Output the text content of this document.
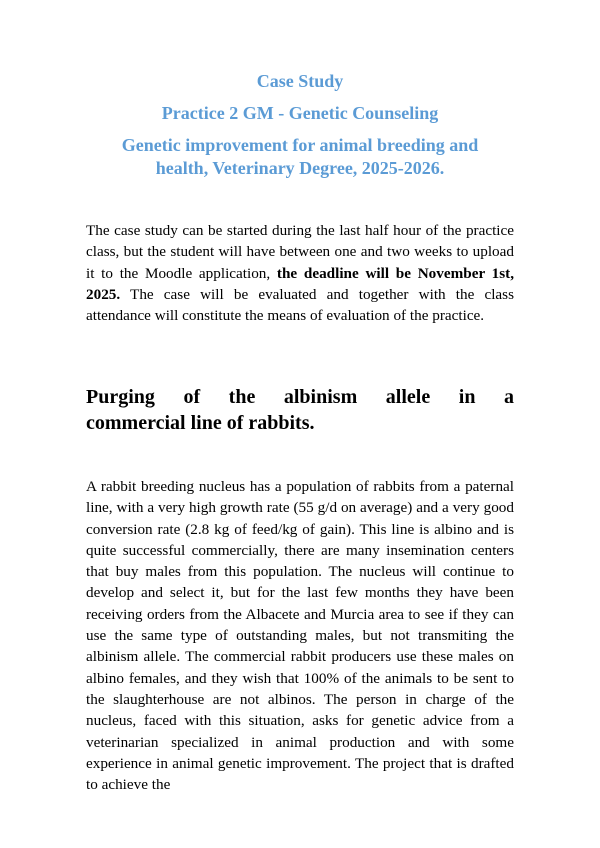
Case Study
Practice 2 GM - Genetic Counseling
Genetic improvement for animal breeding and
health, Veterinary Degree, 2025-2026.

The case study can be started during the last half hour of the practice class, but the student will have between one and two weeks to upload it to the Moodle application, the deadline will be November 1st, 2025. The case will be evaluated and together with the class attendance will constitute the means of evaluation of the practice.

Purging of the albinism allele in a
commercial line of rabbits.

A rabbit breeding nucleus has a population of rabbits from a paternal line, with a very high growth rate (55 g/d on average) and a very good conversion rate (2.8 kg of feed/kg of gain). This line is albino and is quite successful commercially, there are many insemination centers that buy males from this population. The nucleus will continue to develop and select it, but for the last few months they have been receiving orders from the Albacete and Murcia area to see if they can use the same type of outstanding males, but not transmiting the albinism allele. The commercial rabbit producers use these males on albino females, and they wish that 100% of the animals to be sent to the slaughterhouse are not albinos. The person in charge of the nucleus, faced with this situation, asks for genetic advice from a veterinarian specialized in animal production and with some experience in animal genetic improvement. The project that is drafted to achieve the
